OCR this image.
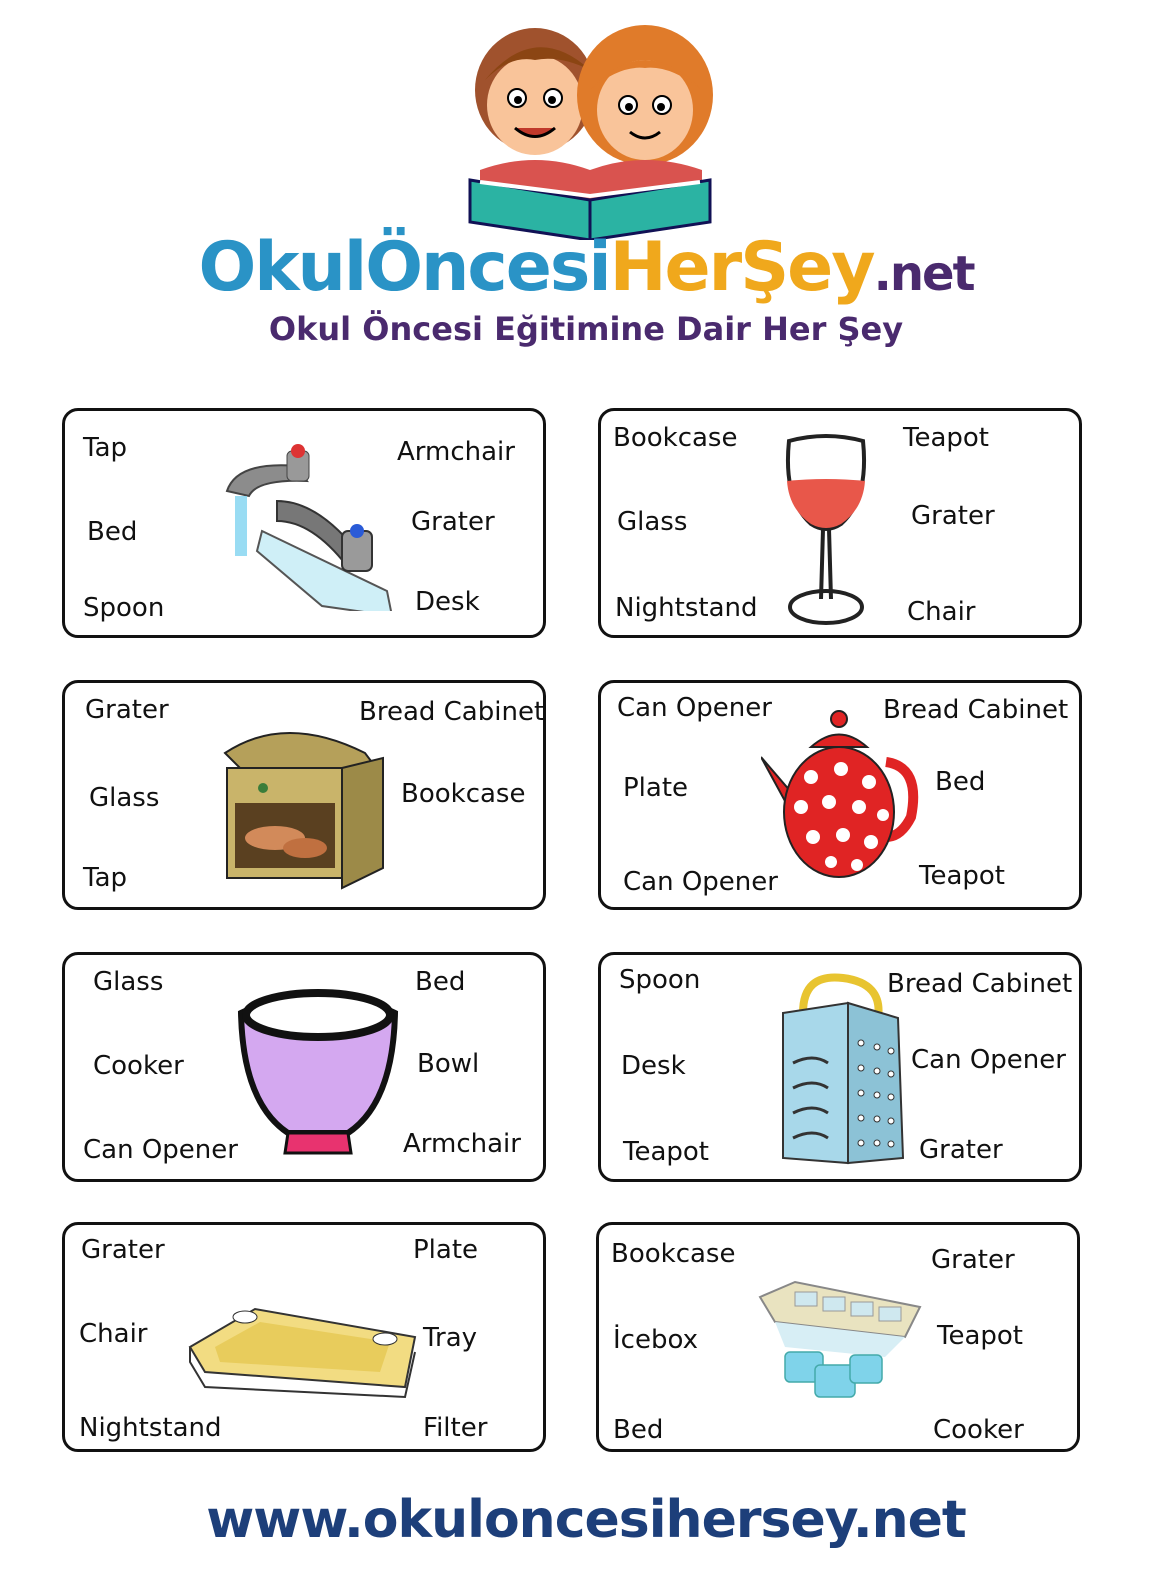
OkulÖncesiHerŞey.net
Okul Öncesi Eğitimine Dair Her Şey
Tap
Bed
Spoon
Armchair
Grater
Desk
Bookcase
Glass
Nightstand
Teapot
Grater
Chair
Grater
Glass
Tap
Bread Cabinet
Bookcase
Can Opener
Plate
Can Opener
Bread Cabinet
Bed
Teapot
Glass
Cooker
Can Opener
Bed
Bowl
Armchair
Spoon
Desk
Teapot
Bread Cabinet
Can Opener
Grater
Grater
Chair
Nightstand
Plate
Tray
Filter
Bookcase
İcebox
Bed
Grater
Teapot
Cooker
www.okuloncesihersey.net
